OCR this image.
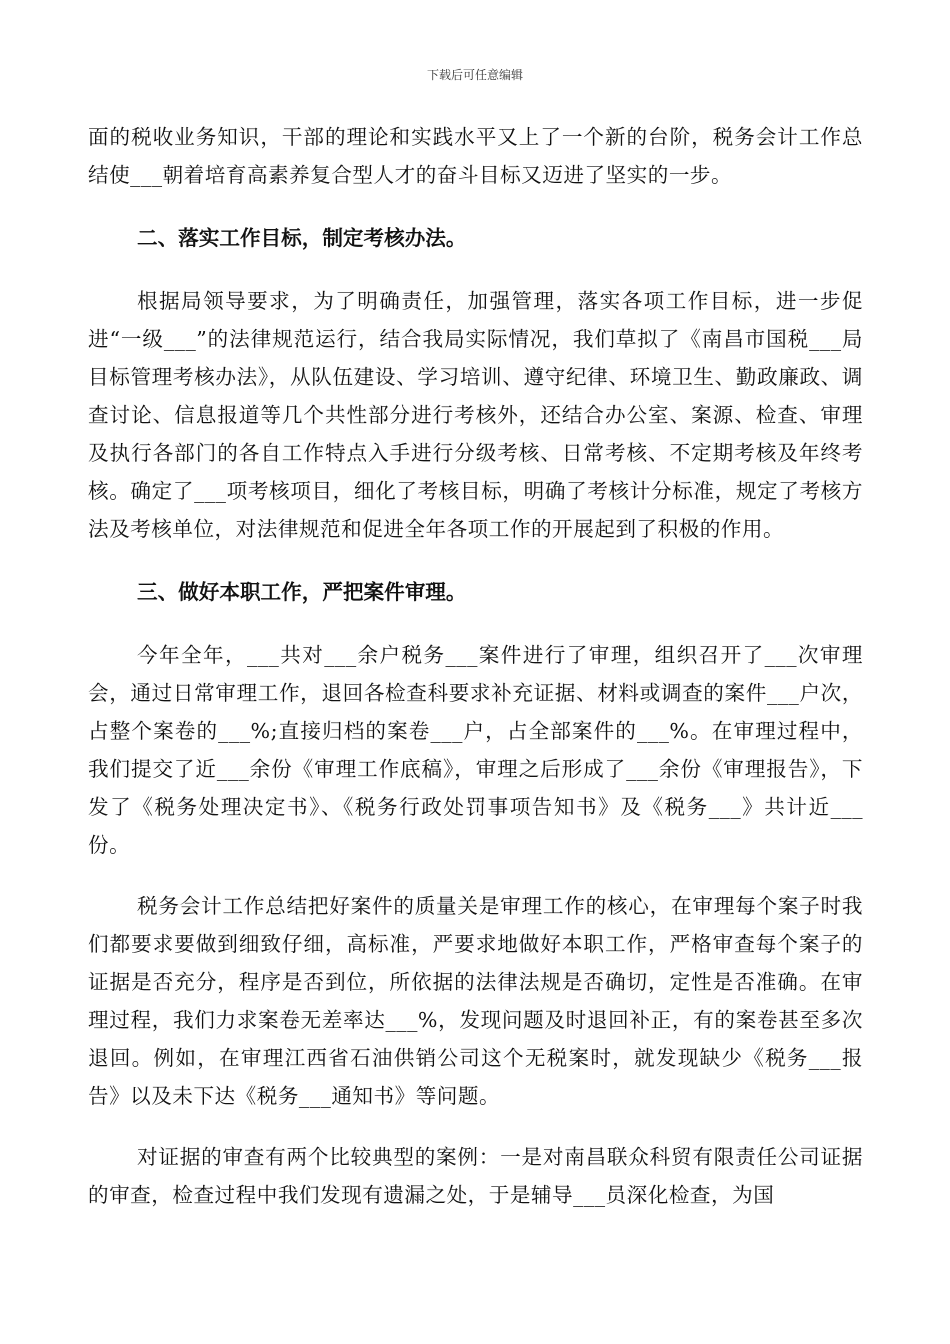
下载后可任意编辑

面的税收业务知识，干部的理论和实践水平又上了一个新的台阶，税务会计工作总结使___朝着培育高素养复合型人才的奋斗目标又迈进了坚实的一步。

二、落实工作目标，制定考核办法。

根据局领导要求，为了明确责任，加强管理，落实各项工作目标，进一步促进“一级___”的法律规范运行，结合我局实际情况，我们草拟了《南昌市国税___局目标管理考核办法》，从队伍建设、学习培训、遵守纪律、环境卫生、勤政廉政、调查讨论、信息报道等几个共性部分进行考核外，还结合办公室、案源、检查、审理及执行各部门的各自工作特点入手进行分级考核、日常考核、不定期考核及年终考核。确定了___项考核项目，细化了考核目标，明确了考核计分标准，规定了考核方法及考核单位，对法律规范和促进全年各项工作的开展起到了积极的作用。

三、做好本职工作，严把案件审理。

今年全年，___共对___余户税务___案件进行了审理，组织召开了___次审理会，通过日常审理工作，退回各检查科要求补充证据、材料或调查的案件___户次，占整个案卷的___%;直接归档的案卷___户，占全部案件的___%。在审理过程中，我们提交了近___余份《审理工作底稿》，审理之后形成了___余份《审理报告》，下发了《税务处理决定书》、《税务行政处罚事项告知书》及《税务___》共计近___份。

税务会计工作总结把好案件的质量关是审理工作的核心，在审理每个案子时我们都要求要做到细致仔细，高标准，严要求地做好本职工作，严格审查每个案子的证据是否充分，程序是否到位，所依据的法律法规是否确切，定性是否准确。在审理过程，我们力求案卷无差率达___%，发现问题及时退回补正，有的案卷甚至多次退回。例如，在审理江西省石油供销公司这个无税案时，就发现缺少《税务___报告》以及未下达《税务___通知书》等问题。

对证据的审查有两个比较典型的案例：一是对南昌联众科贸有限责任公司证据的审查，检查过程中我们发现有遗漏之处，于是辅导___员深化检查，为国
